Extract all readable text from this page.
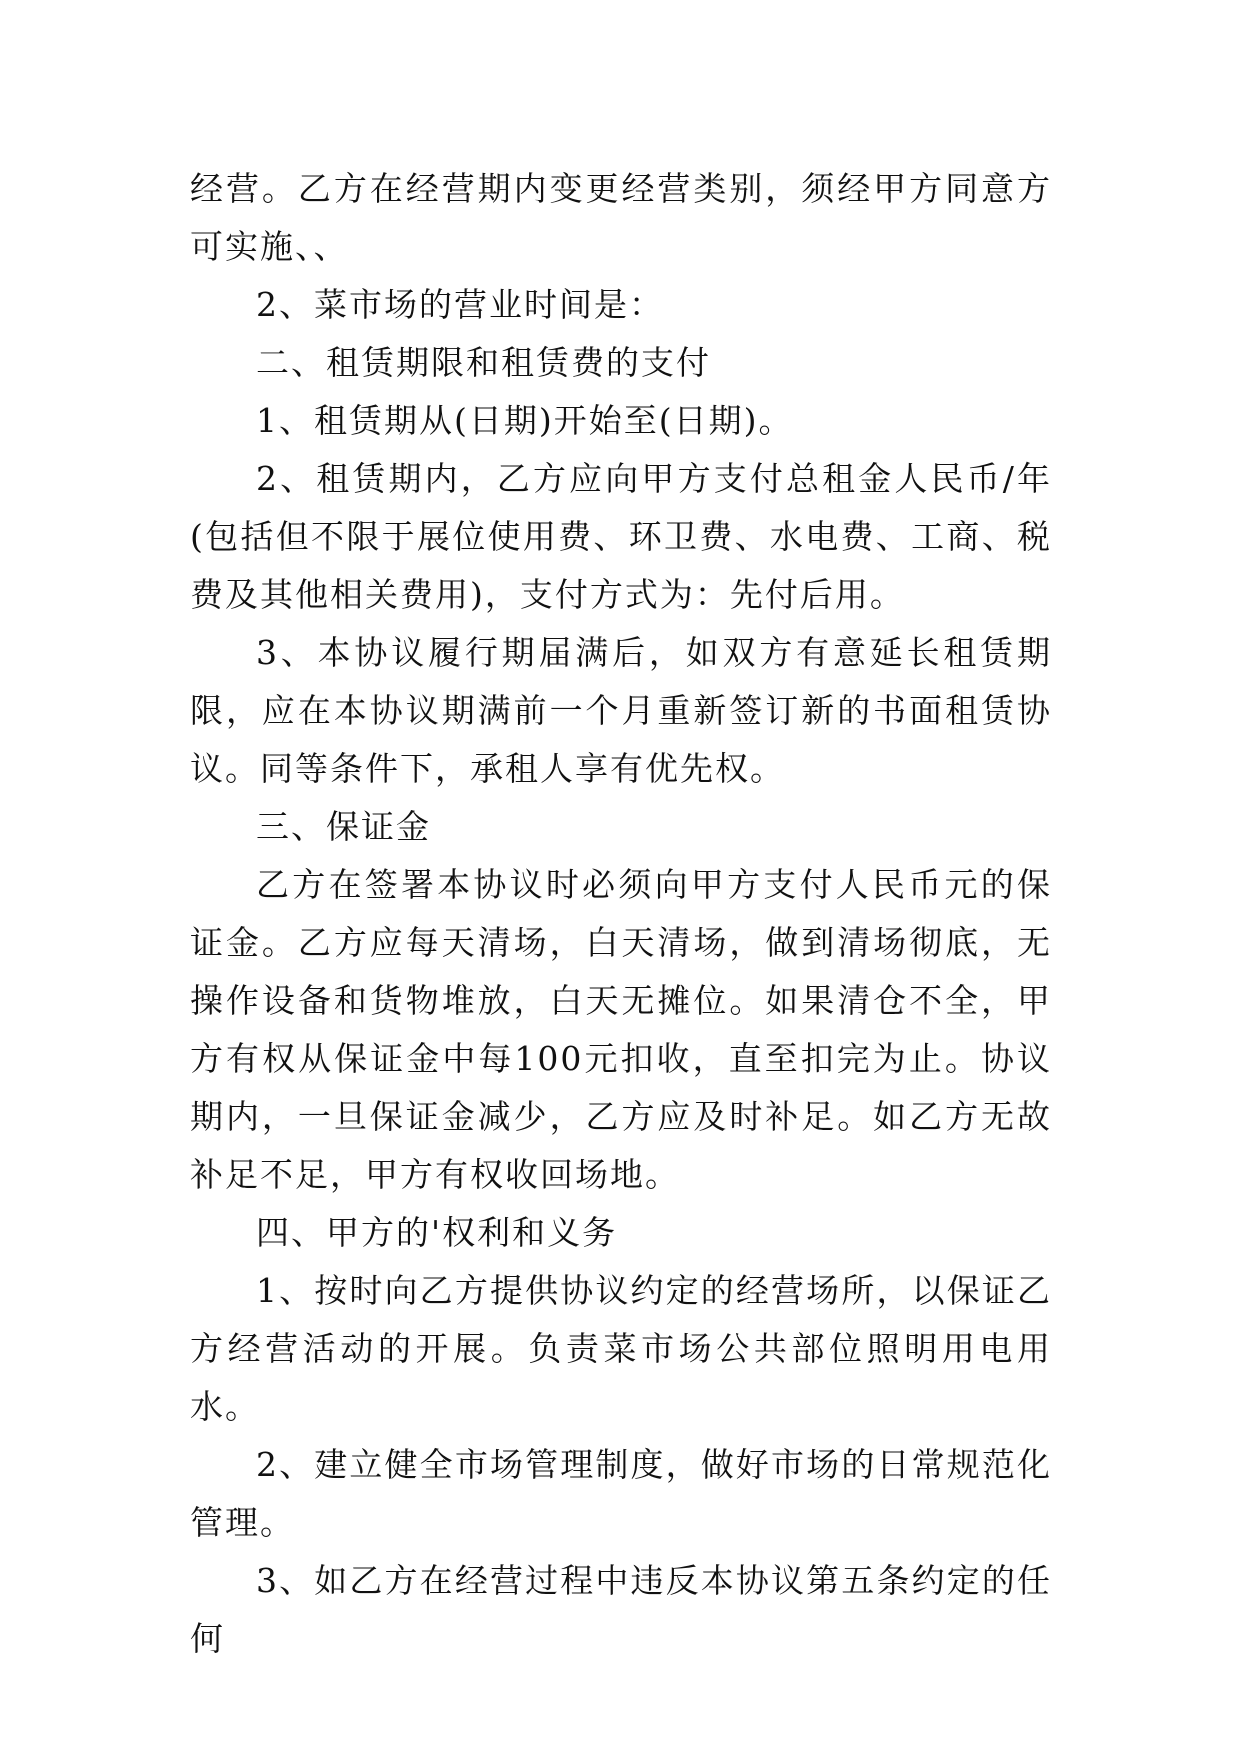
经营。乙方在经营期内变更经营类别，须经甲方同意方可实施、、

2、菜市场的营业时间是：

二、租赁期限和租赁费的支付

1、租赁期从(日期)开始至(日期)。

2、租赁期内，乙方应向甲方支付总租金人民币/年(包括但不限于展位使用费、环卫费、水电费、工商、税费及其他相关费用)，支付方式为：先付后用。

3、本协议履行期届满后，如双方有意延长租赁期限，应在本协议期满前一个月重新签订新的书面租赁协议。同等条件下，承租人享有优先权。

三、保证金

乙方在签署本协议时必须向甲方支付人民币元的保证金。乙方应每天清场，白天清场，做到清场彻底，无操作设备和货物堆放，白天无摊位。如果清仓不全，甲方有权从保证金中每100元扣收，直至扣完为止。协议期内，一旦保证金减少，乙方应及时补足。如乙方无故补足不足，甲方有权收回场地。

四、甲方的'权利和义务

1、按时向乙方提供协议约定的经营场所，以保证乙方经营活动的开展。负责菜市场公共部位照明用电用水。

2、建立健全市场管理制度，做好市场的日常规范化管理。

3、如乙方在经营过程中违反本协议第五条约定的任何
